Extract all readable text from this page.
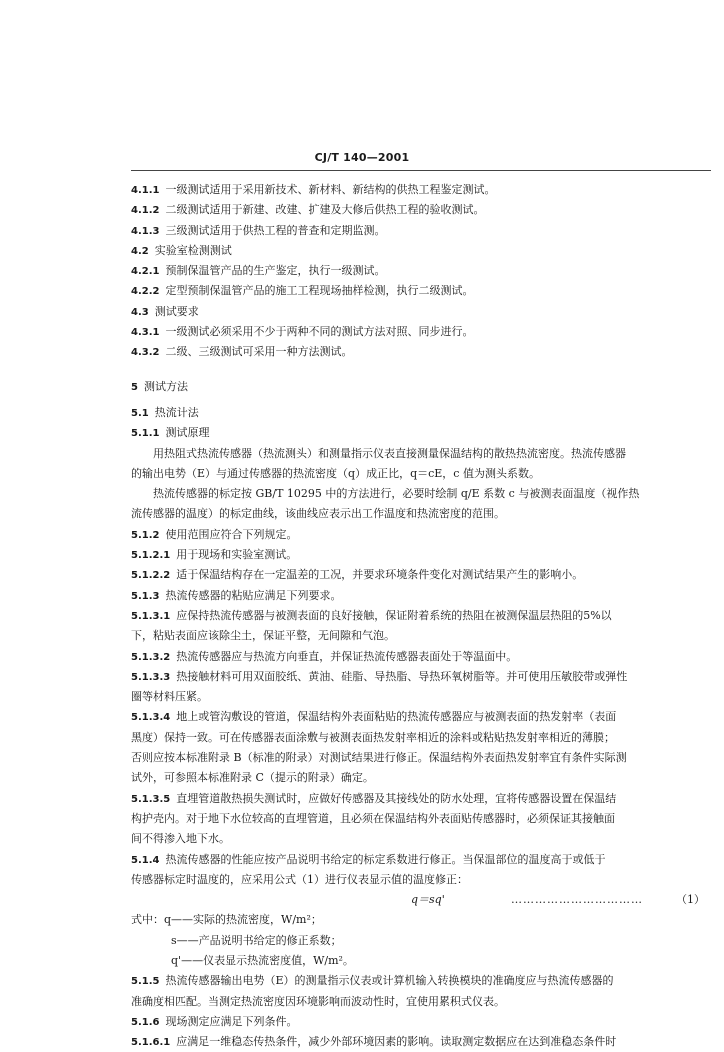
CJ/T 140—2001
4.1.1 一级测试适用于采用新技术、新材料、新结构的供热工程鉴定测试。
4.1.2 二级测试适用于新建、改建、扩建及大修后供热工程的验收测试。
4.1.3 三级测试适用于供热工程的普查和定期监测。
4.2 实验室检测测试
4.2.1 预制保温管产品的生产鉴定，执行一级测试。
4.2.2 定型预制保温管产品的施工工程现场抽样检测，执行二级测试。
4.3 测试要求
4.3.1 一级测试必须采用不少于两种不同的测试方法对照、同步进行。
4.3.2 二级、三级测试可采用一种方法测试。
5 测试方法
5.1 热流计法
5.1.1 测试原理
用热阻式热流传感器（热流测头）和测量指示仪表直接测量保温结构的散热热流密度。热流传感器
的输出电势（E）与通过传感器的热流密度（q）成正比，q＝cE，c 值为测头系数。
热流传感器的标定按 GB/T 10295 中的方法进行，必要时绘制 q/E 系数 c 与被测表面温度（视作热
流传感器的温度）的标定曲线，该曲线应表示出工作温度和热流密度的范围。
5.1.2 使用范围应符合下列规定。
5.1.2.1 用于现场和实验室测试。
5.1.2.2 适于保温结构存在一定温差的工况，并要求环境条件变化对测试结果产生的影响小。
5.1.3 热流传感器的粘贴应满足下列要求。
5.1.3.1 应保持热流传感器与被测表面的良好接触，保证附着系统的热阻在被测保温层热阻的5%以
下，粘贴表面应该除尘土，保证平整，无间隙和气泡。
5.1.3.2 热流传感器应与热流方向垂直，并保证热流传感器表面处于等温面中。
5.1.3.3 热接触材料可用双面胶纸、黄油、硅脂、导热脂、导热环氧树脂等。并可使用压敏胶带或弹性
圈等材料压紧。
5.1.3.4 地上或管沟敷设的管道，保温结构外表面粘贴的热流传感器应与被测表面的热发射率（表面
黑度）保持一致。可在传感器表面涂敷与被测表面热发射率相近的涂料或粘贴热发射率相近的薄膜；
否则应按本标准附录 B（标准的附录）对测试结果进行修正。保温结构外表面热发射率宜有条件实际测
试外，可参照本标准附录 C（提示的附录）确定。
5.1.3.5 直埋管道散热损失测试时，应做好传感器及其接线处的防水处理，宜将传感器设置在保温结
构护壳内。对于地下水位较高的直埋管道，且必须在保温结构外表面贴传感器时，必须保证其接触面
间不得渗入地下水。
5.1.4 热流传感器的性能应按产品说明书给定的标定系数进行修正。当保温部位的温度高于或低于
传感器标定时温度的，应采用公式（1）进行仪表显示值的温度修正：
q＝sq'	……………………………	（1）
式中：q——实际的热流密度，W/m²；
s——产品说明书给定的修正系数；
q'——仪表显示热流密度值，W/m²。
5.1.5 热流传感器输出电势（E）的测量指示仪表或计算机输入转换模块的准确度应与热流传感器的
准确度相匹配。当测定热流密度因环境影响而波动性时，宜使用累积式仪表。
5.1.6 现场测定应满足下列条件。
5.1.6.1 应满足一维稳态传热条件，减少外部环境因素的影响。读取测定数据应在达到准稳态条件时
